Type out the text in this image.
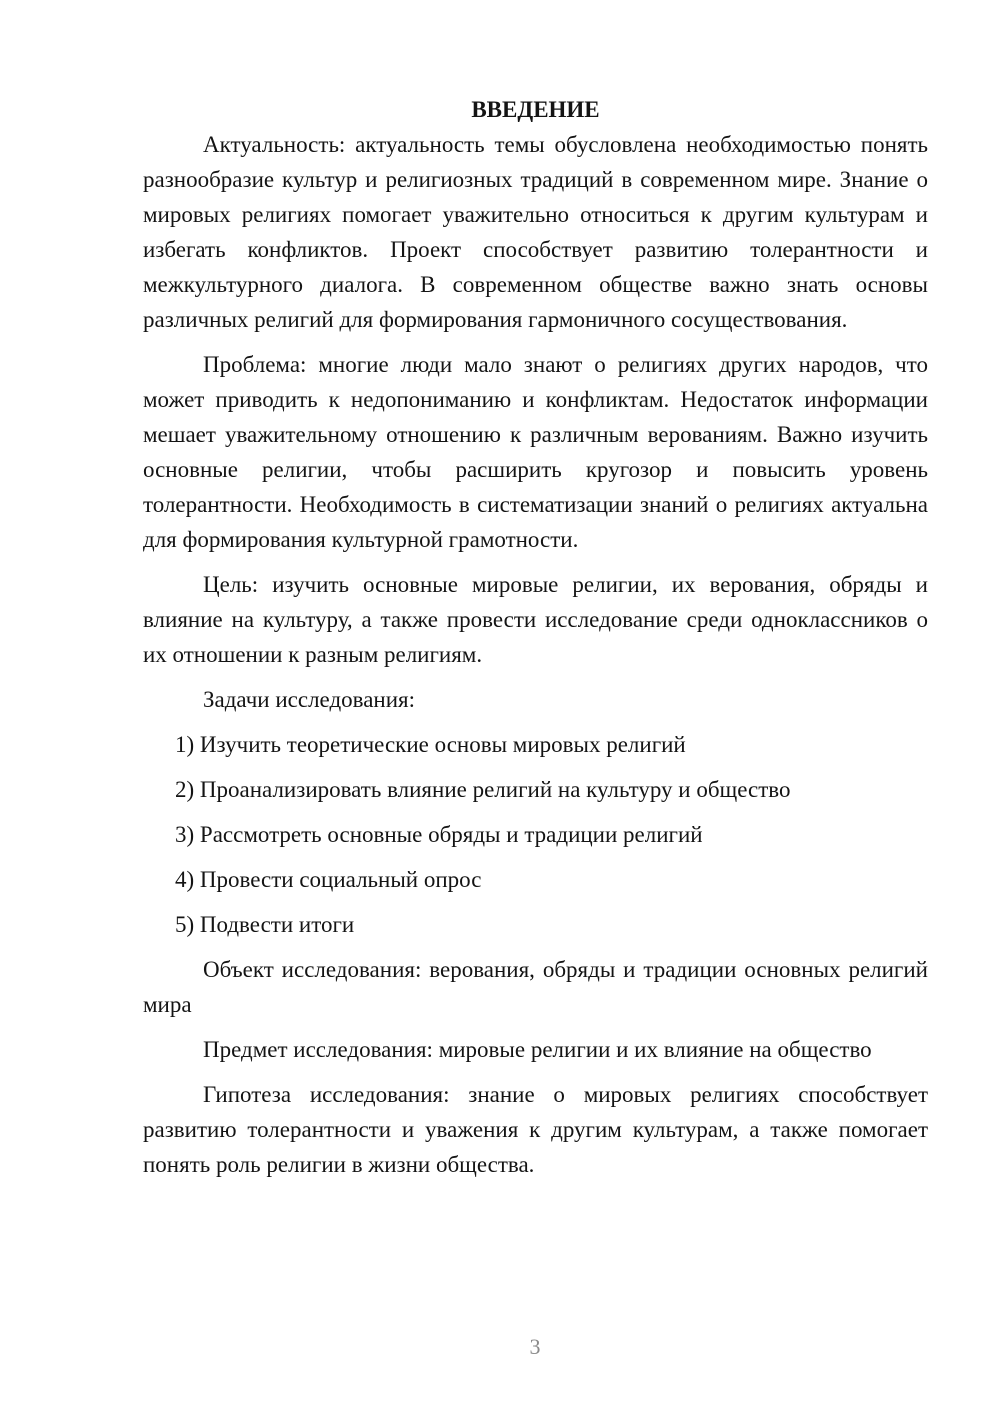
ВВЕДЕНИЕ

Актуальность: актуальность темы обусловлена необходимостью понять разнообразие культур и религиозных традиций в современном мире. Знание о мировых религиях помогает уважительно относиться к другим культурам и избегать конфликтов. Проект способствует развитию толерантности и межкультурного диалога. В современном обществе важно знать основы различных религий для формирования гармоничного сосуществования.

Проблема: многие люди мало знают о религиях других народов, что может приводить к недопониманию и конфликтам. Недостаток информации мешает уважительному отношению к различным верованиям. Важно изучить основные религии, чтобы расширить кругозор и повысить уровень толерантности. Необходимость в систематизации знаний о религиях актуальна для формирования культурной грамотности.

Цель: изучить основные мировые религии, их верования, обряды и влияние на культуру, а также провести исследование среди одноклассников о их отношении к разным религиям.

Задачи исследования:

1) Изучить теоретические основы мировых религий
2) Проанализировать влияние религий на культуру и общество
3) Рассмотреть основные обряды и традиции религий
4) Провести социальный опрос
5) Подвести итоги

Объект исследования: верования, обряды и традиции основных религий мира

Предмет исследования: мировые религии и их влияние на общество

Гипотеза исследования: знание о мировых религиях способствует развитию толерантности и уважения к другим культурам, а также помогает понять роль религии в жизни общества.

3
